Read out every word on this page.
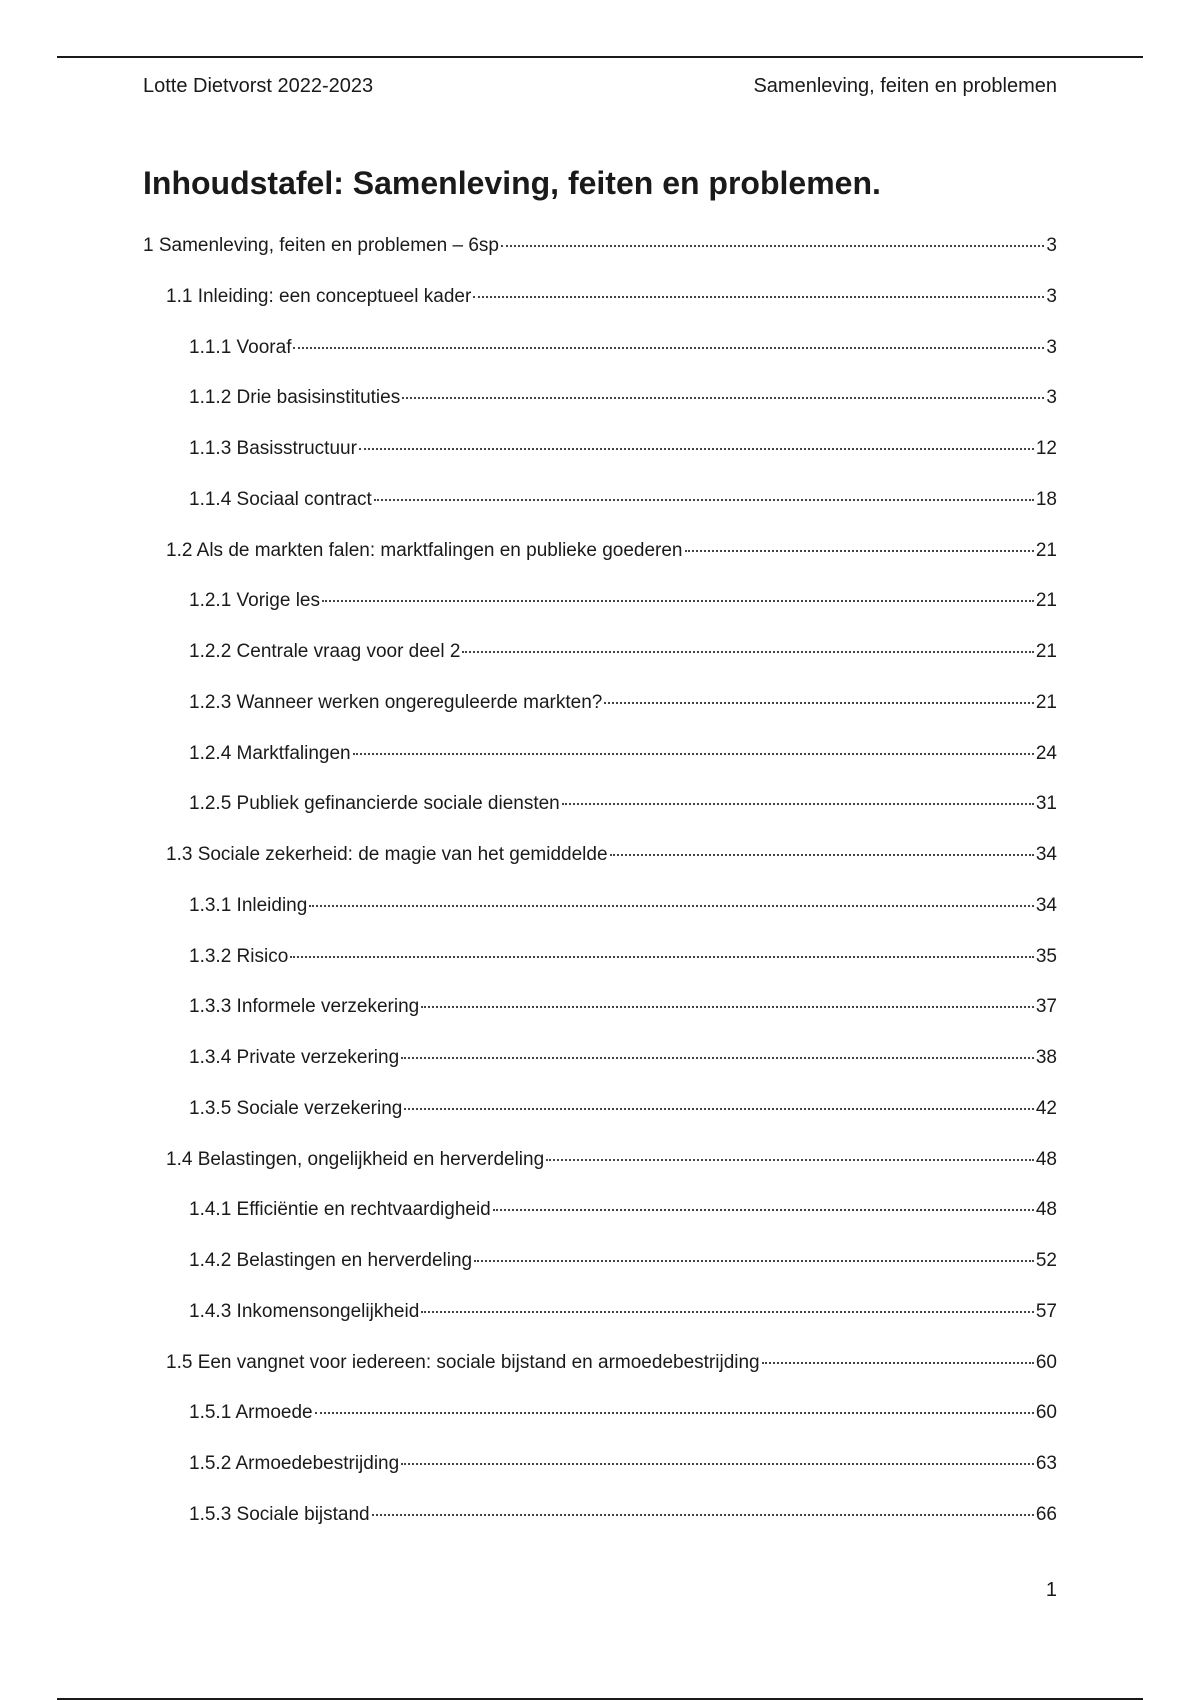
Lotte Dietvorst 2022-2023	Samenleving, feiten en problemen
Inhoudstafel: Samenleving, feiten en problemen.
1 Samenleving, feiten en problemen – 6sp	3
1.1 Inleiding: een conceptueel kader	3
1.1.1 Vooraf	3
1.1.2 Drie basisinstituties	3
1.1.3 Basisstructuur	12
1.1.4 Sociaal contract	18
1.2 Als de markten falen: marktfalingen en publieke goederen	21
1.2.1 Vorige les	21
1.2.2 Centrale vraag voor deel 2	21
1.2.3 Wanneer werken ongereguleerde markten?	21
1.2.4 Marktfalingen	24
1.2.5 Publiek gefinancierde sociale diensten	31
1.3 Sociale zekerheid: de magie van het gemiddelde	34
1.3.1 Inleiding	34
1.3.2 Risico	35
1.3.3 Informele verzekering	37
1.3.4 Private verzekering	38
1.3.5 Sociale verzekering	42
1.4 Belastingen, ongelijkheid en herverdeling	48
1.4.1 Efficiëntie en rechtvaardigheid	48
1.4.2 Belastingen en herverdeling	52
1.4.3 Inkomensongelijkheid	57
1.5 Een vangnet voor iedereen: sociale bijstand en armoedebestrijding	60
1.5.1 Armoede	60
1.5.2 Armoedebestrijding	63
1.5.3 Sociale bijstand	66
1
